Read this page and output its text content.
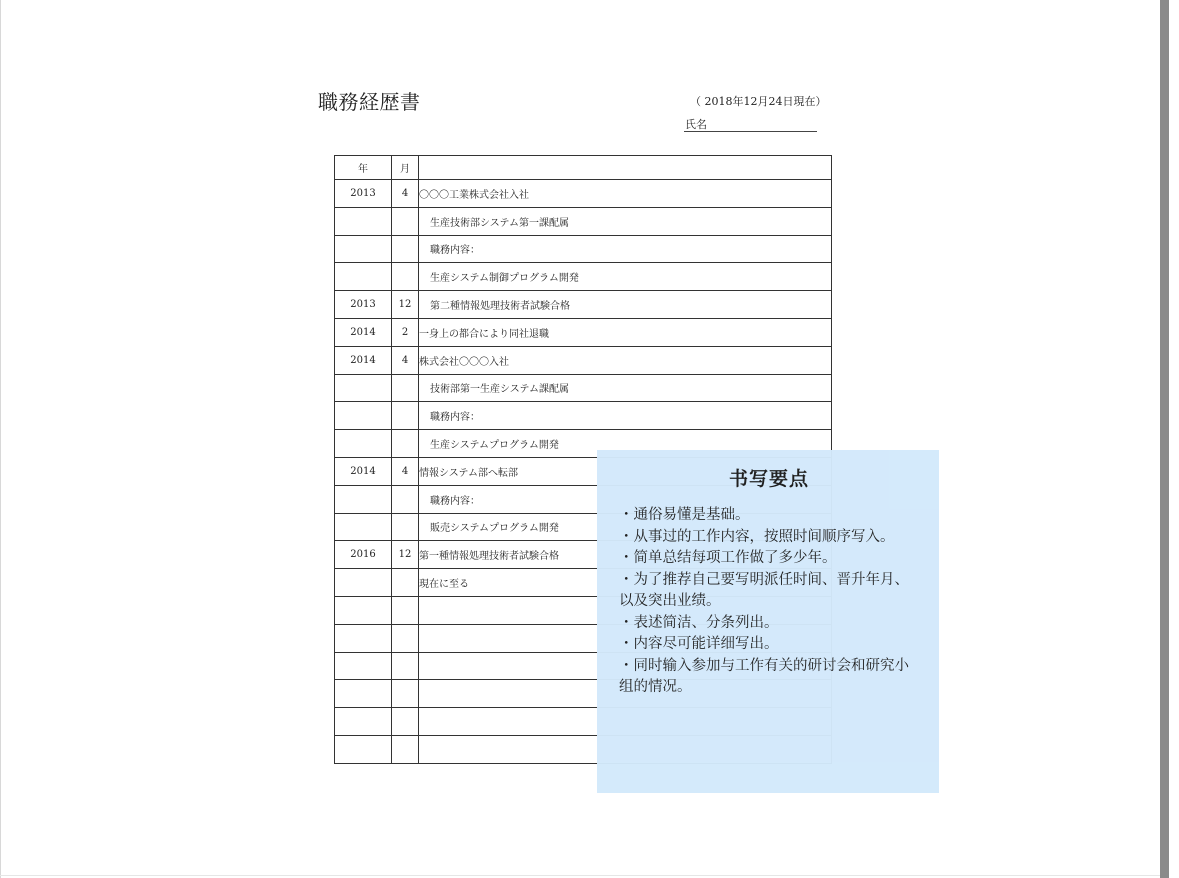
職務経歴書	（ 2018年12月24日現在）
氏名
年	月	
2013	4	〇〇〇工業株式会社入社
		生産技術部システム第一課配属
		職務内容：
		生産システム制御プログラム開発
2013	12	第二種情報処理技術者試験合格
2014	2	一身上の都合により同社退職
2014	4	株式会社〇〇〇入社
		技術部第一生産システム課配属
		職務内容：
		生産システムプログラム開発
2014	4	情報システム部へ転部
		職務内容：
		販売システムプログラム開発
2016	12	第一種情報処理技術者試験合格
		現在に至る

书写要点
・通俗易懂是基础。
・从事过的工作内容，按照时间顺序写入。
・简单总结每项工作做了多少年。
・为了推荐自己要写明派任时间、晋升年月、以及突出业绩。
・表述简洁、分条列出。
・内容尽可能详细写出。
・同时输入参加与工作有关的研讨会和研究小组的情况。
